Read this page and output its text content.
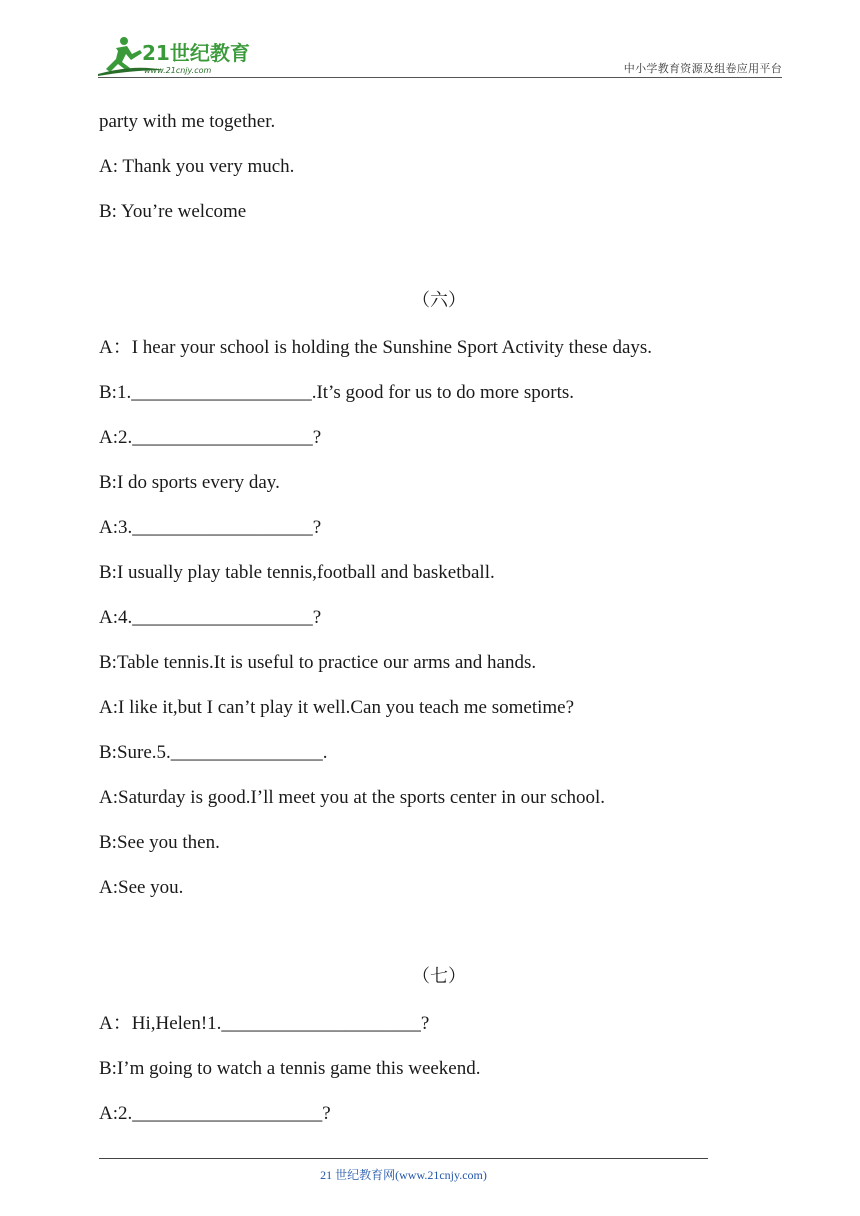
21世纪教育
www.21cnjy.com	中小学教育资源及组卷应用平台
party with me together.
A: Thank you very much.
B: You’re welcome
（六）
A：I hear your school is holding the Sunshine Sport Activity these days.
B:1.___________________.It’s good for us to do more sports.
A:2.___________________?
B:I do sports every day.
A:3.___________________?
B:I usually play table tennis,football and basketball.
A:4.___________________?
B:Table tennis.It is useful to practice our arms and hands.
A:I like it,but I can’t play it well.Can you teach me sometime?
B:Sure.5.________________.
A:Saturday is good.I’ll meet you at the sports center in our school.
B:See you then.
A:See you.
（七）
A：Hi,Helen!1._____________________?
B:I’m going to watch a tennis game this weekend.
A:2.____________________?
21 世纪教育网(www.21cnjy.com)
